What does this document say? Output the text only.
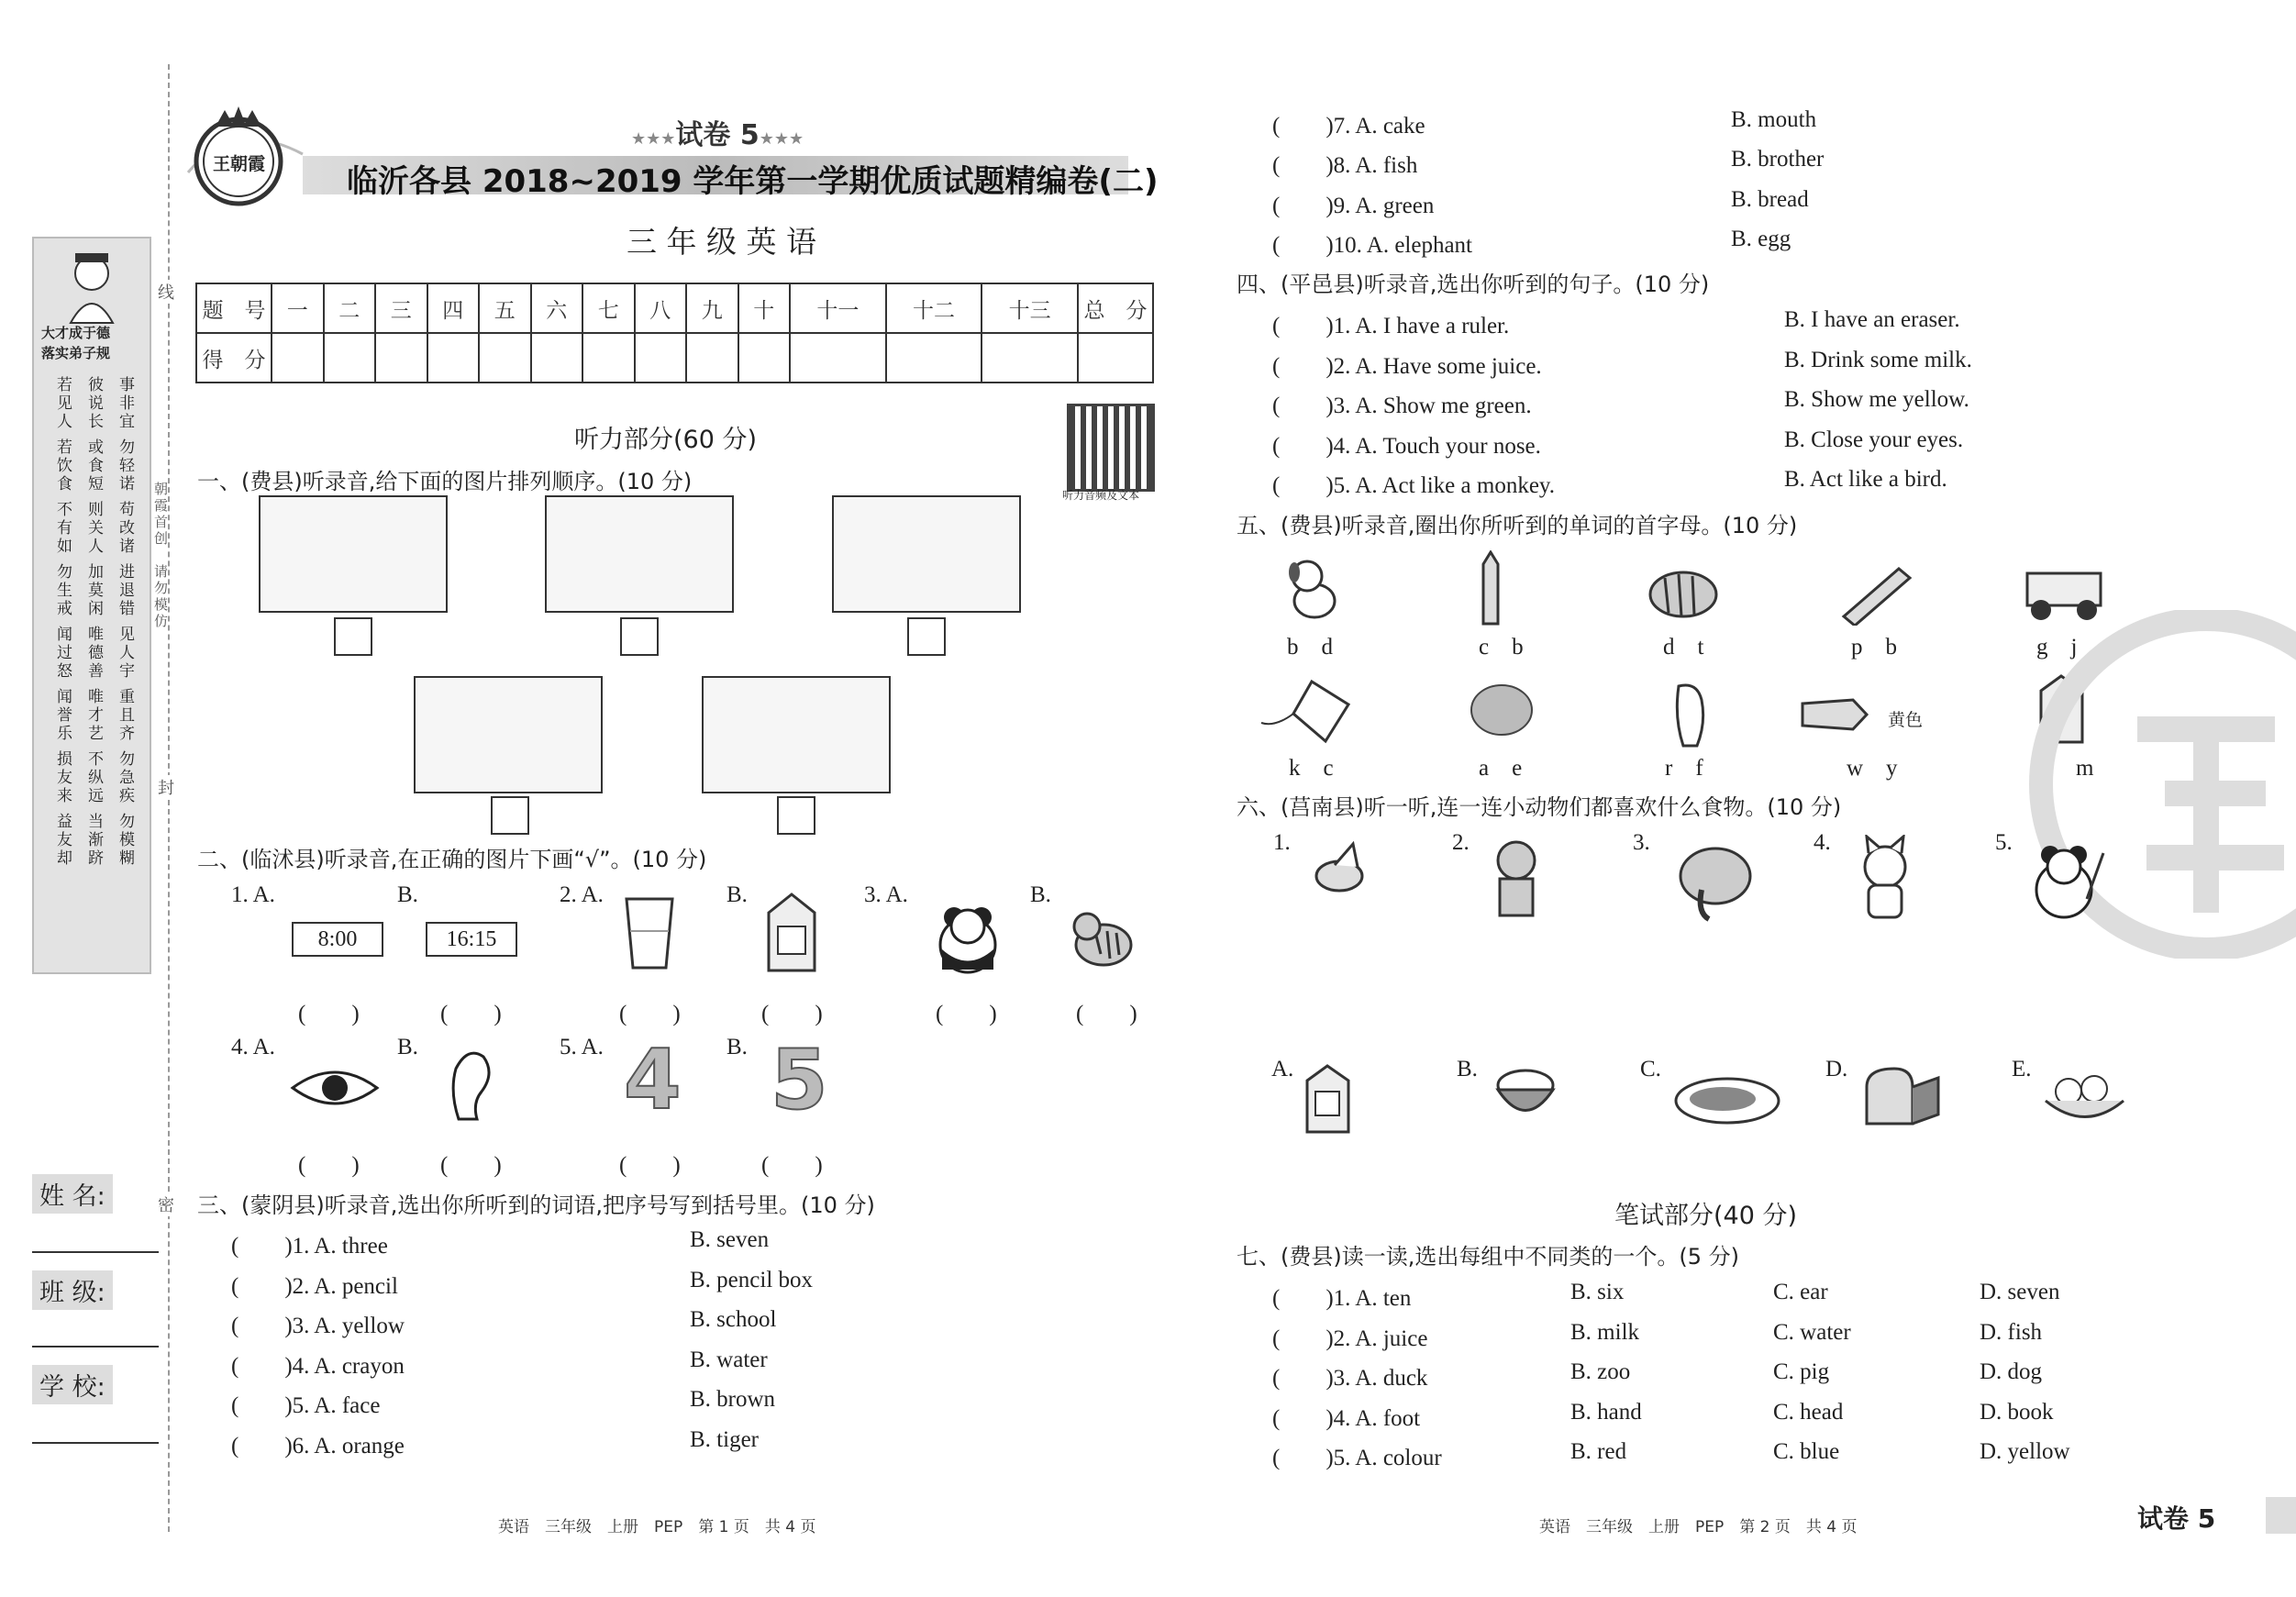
线
封
密
朝霞首创　请勿模仿
大才成于德
落实弟子规
若见人 彼说长 事非宜
若饮食 或食短 勿轻诺
不有如 则关人 苟改诸
勿生戒 加莫闲 进退错
闻过怒 唯德善 见人宇
闻誉乐 唯才艺 重且齐
损友来 不纵远 勿急疾
益友却 当渐跻 勿模糊
姓 名:
班 级:
学 校:
王朝霞
★★★试卷 5★★★
临沂各县 2018~2019 学年第一学期优质试题精编卷(二)
三 年 级 英 语
题　号	一	二	三	四	五	六	七	八	九	十	十一	十二	十三	总　分
得　分														
听力音频及文本
听力部分(60 分)
一、(费县)听录音,给下面的图片排列顺序。(10 分)
二、(临沭县)听录音,在正确的图片下画“√”。(10 分)
1. A.	B.
8:00	16:15
2. A.	B.	3. A.	B.
(　　)	(　　)	(　　)	(　　)	(　　)	(　　)
4. A.	B.	5. A.	B.
4 5
(　　)	(　　)	(　　)	(　　)
三、(蒙阴县)听录音,选出你所听到的词语,把序号写到括号里。(10 分)
(　　)1. A. three	B. seven
(　　)2. A. pencil	B. pencil box
(　　)3. A. yellow	B. school
(　　)4. A. crayon	B. water
(　　)5. A. face	B. brown
(　　)6. A. orange	B. tiger
英语　三年级　上册　PEP　第 1 页　共 4 页
(　　)7. A. cake	B. mouth
(　　)8. A. fish	B. brother
(　　)9. A. green	B. bread
(　　)10. A. elephant	B. egg
四、(平邑县)听录音,选出你听到的句子。(10 分)
(　　)1. A. I have a ruler.	B. I have an eraser.
(　　)2. A. Have some juice.	B. Drink some milk.
(　　)3. A. Show me green.	B. Show me yellow.
(　　)4. A. Touch your nose.	B. Close your eyes.
(　　)5. A. Act like a monkey.	B. Act like a bird.
五、(费县)听录音,圈出你所听到的单词的首字母。(10 分)
b　d	c　b	d　t	p　b	g　j
黄色
k　c	a　e	r　f	w　y	w　m
六、(莒南县)听一听,连一连小动物们都喜欢什么食物。(10 分)
1.	2.	3.	4.	5.
A.	B.	C.	D.	E.
笔试部分(40 分)
七、(费县)读一读,选出每组中不同类的一个。(5 分)
(　　)1. A. ten	B. six	C. ear	D. seven
(　　)2. A. juice	B. milk	C. water	D. fish
(　　)3. A. duck	B. zoo	C. pig	D. dog
(　　)4. A. foot	B. hand	C. head	D. book
(　　)5. A. colour	B. red	C. blue	D. yellow
英语　三年级　上册　PEP　第 2 页　共 4 页	试卷 5
